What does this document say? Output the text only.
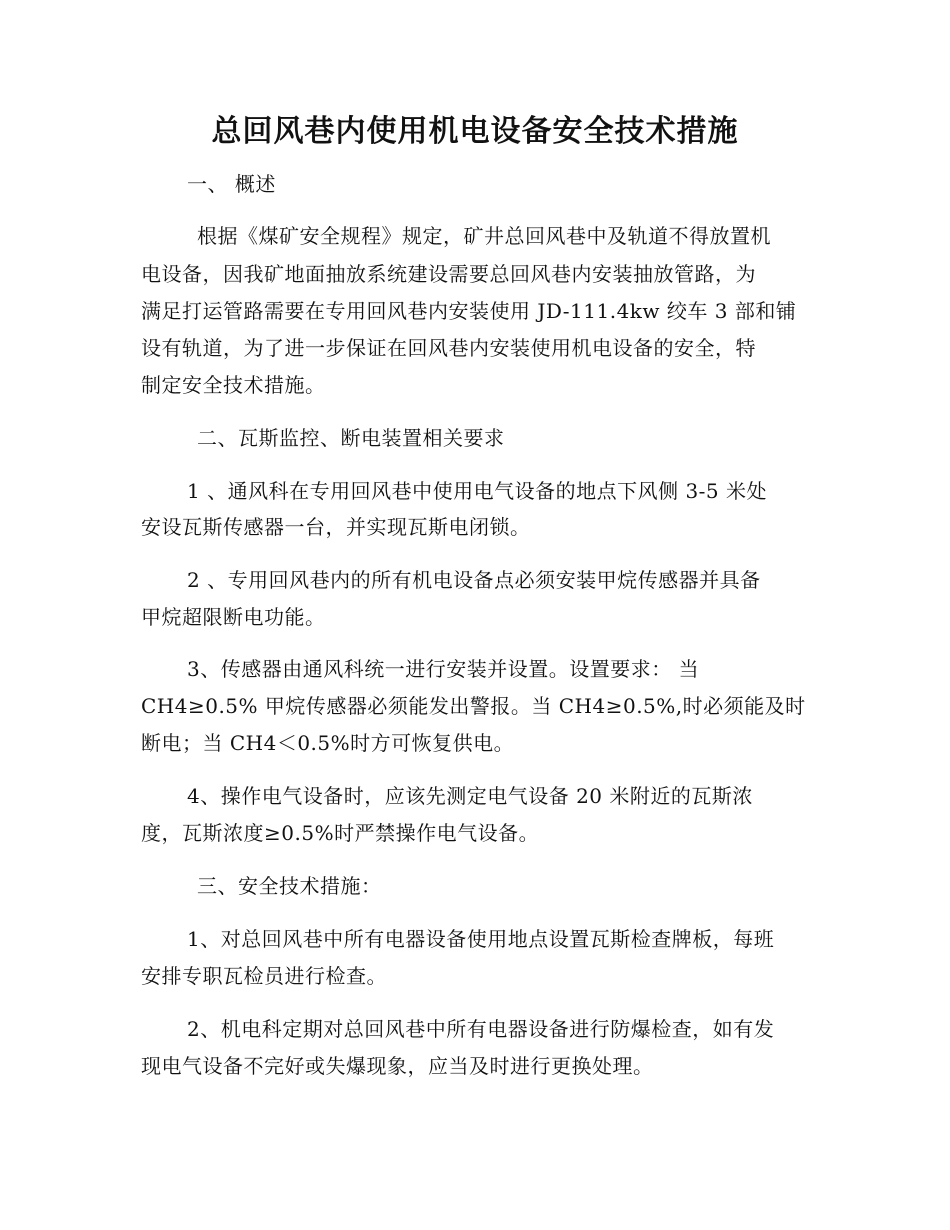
总回风巷内使用机电设备安全技术措施
一、 概述
根据《煤矿安全规程》规定，矿井总回风巷中及轨道不得放置机
电设备，因我矿地面抽放系统建设需要总回风巷内安装抽放管路，为
满足打运管路需要在专用回风巷内安装使用 JD-111.4kw 绞车 3 部和铺
设有轨道，为了进一步保证在回风巷内安装使用机电设备的安全，特
制定安全技术措施。
二、瓦斯监控、断电装置相关要求
1 、通风科在专用回风巷中使用电气设备的地点下风侧 3-5 米处
安设瓦斯传感器一台，并实现瓦斯电闭锁。
2 、专用回风巷内的所有机电设备点必须安装甲烷传感器并具备
甲烷超限断电功能。
3、传感器由通风科统一进行安装并设置。设置要求： 当
CH4≥0.5% 甲烷传感器必须能发出警报。当 CH4≥0.5%,时必须能及时
断电；当 CH4＜0.5%时方可恢复供电。
4、操作电气设备时，应该先测定电气设备 20 米附近的瓦斯浓
度，瓦斯浓度≥0.5%时严禁操作电气设备。
三、安全技术措施：
1、对总回风巷中所有电器设备使用地点设置瓦斯检查牌板，每班
安排专职瓦检员进行检查。
2、机电科定期对总回风巷中所有电器设备进行防爆检查，如有发
现电气设备不完好或失爆现象，应当及时进行更换处理。
